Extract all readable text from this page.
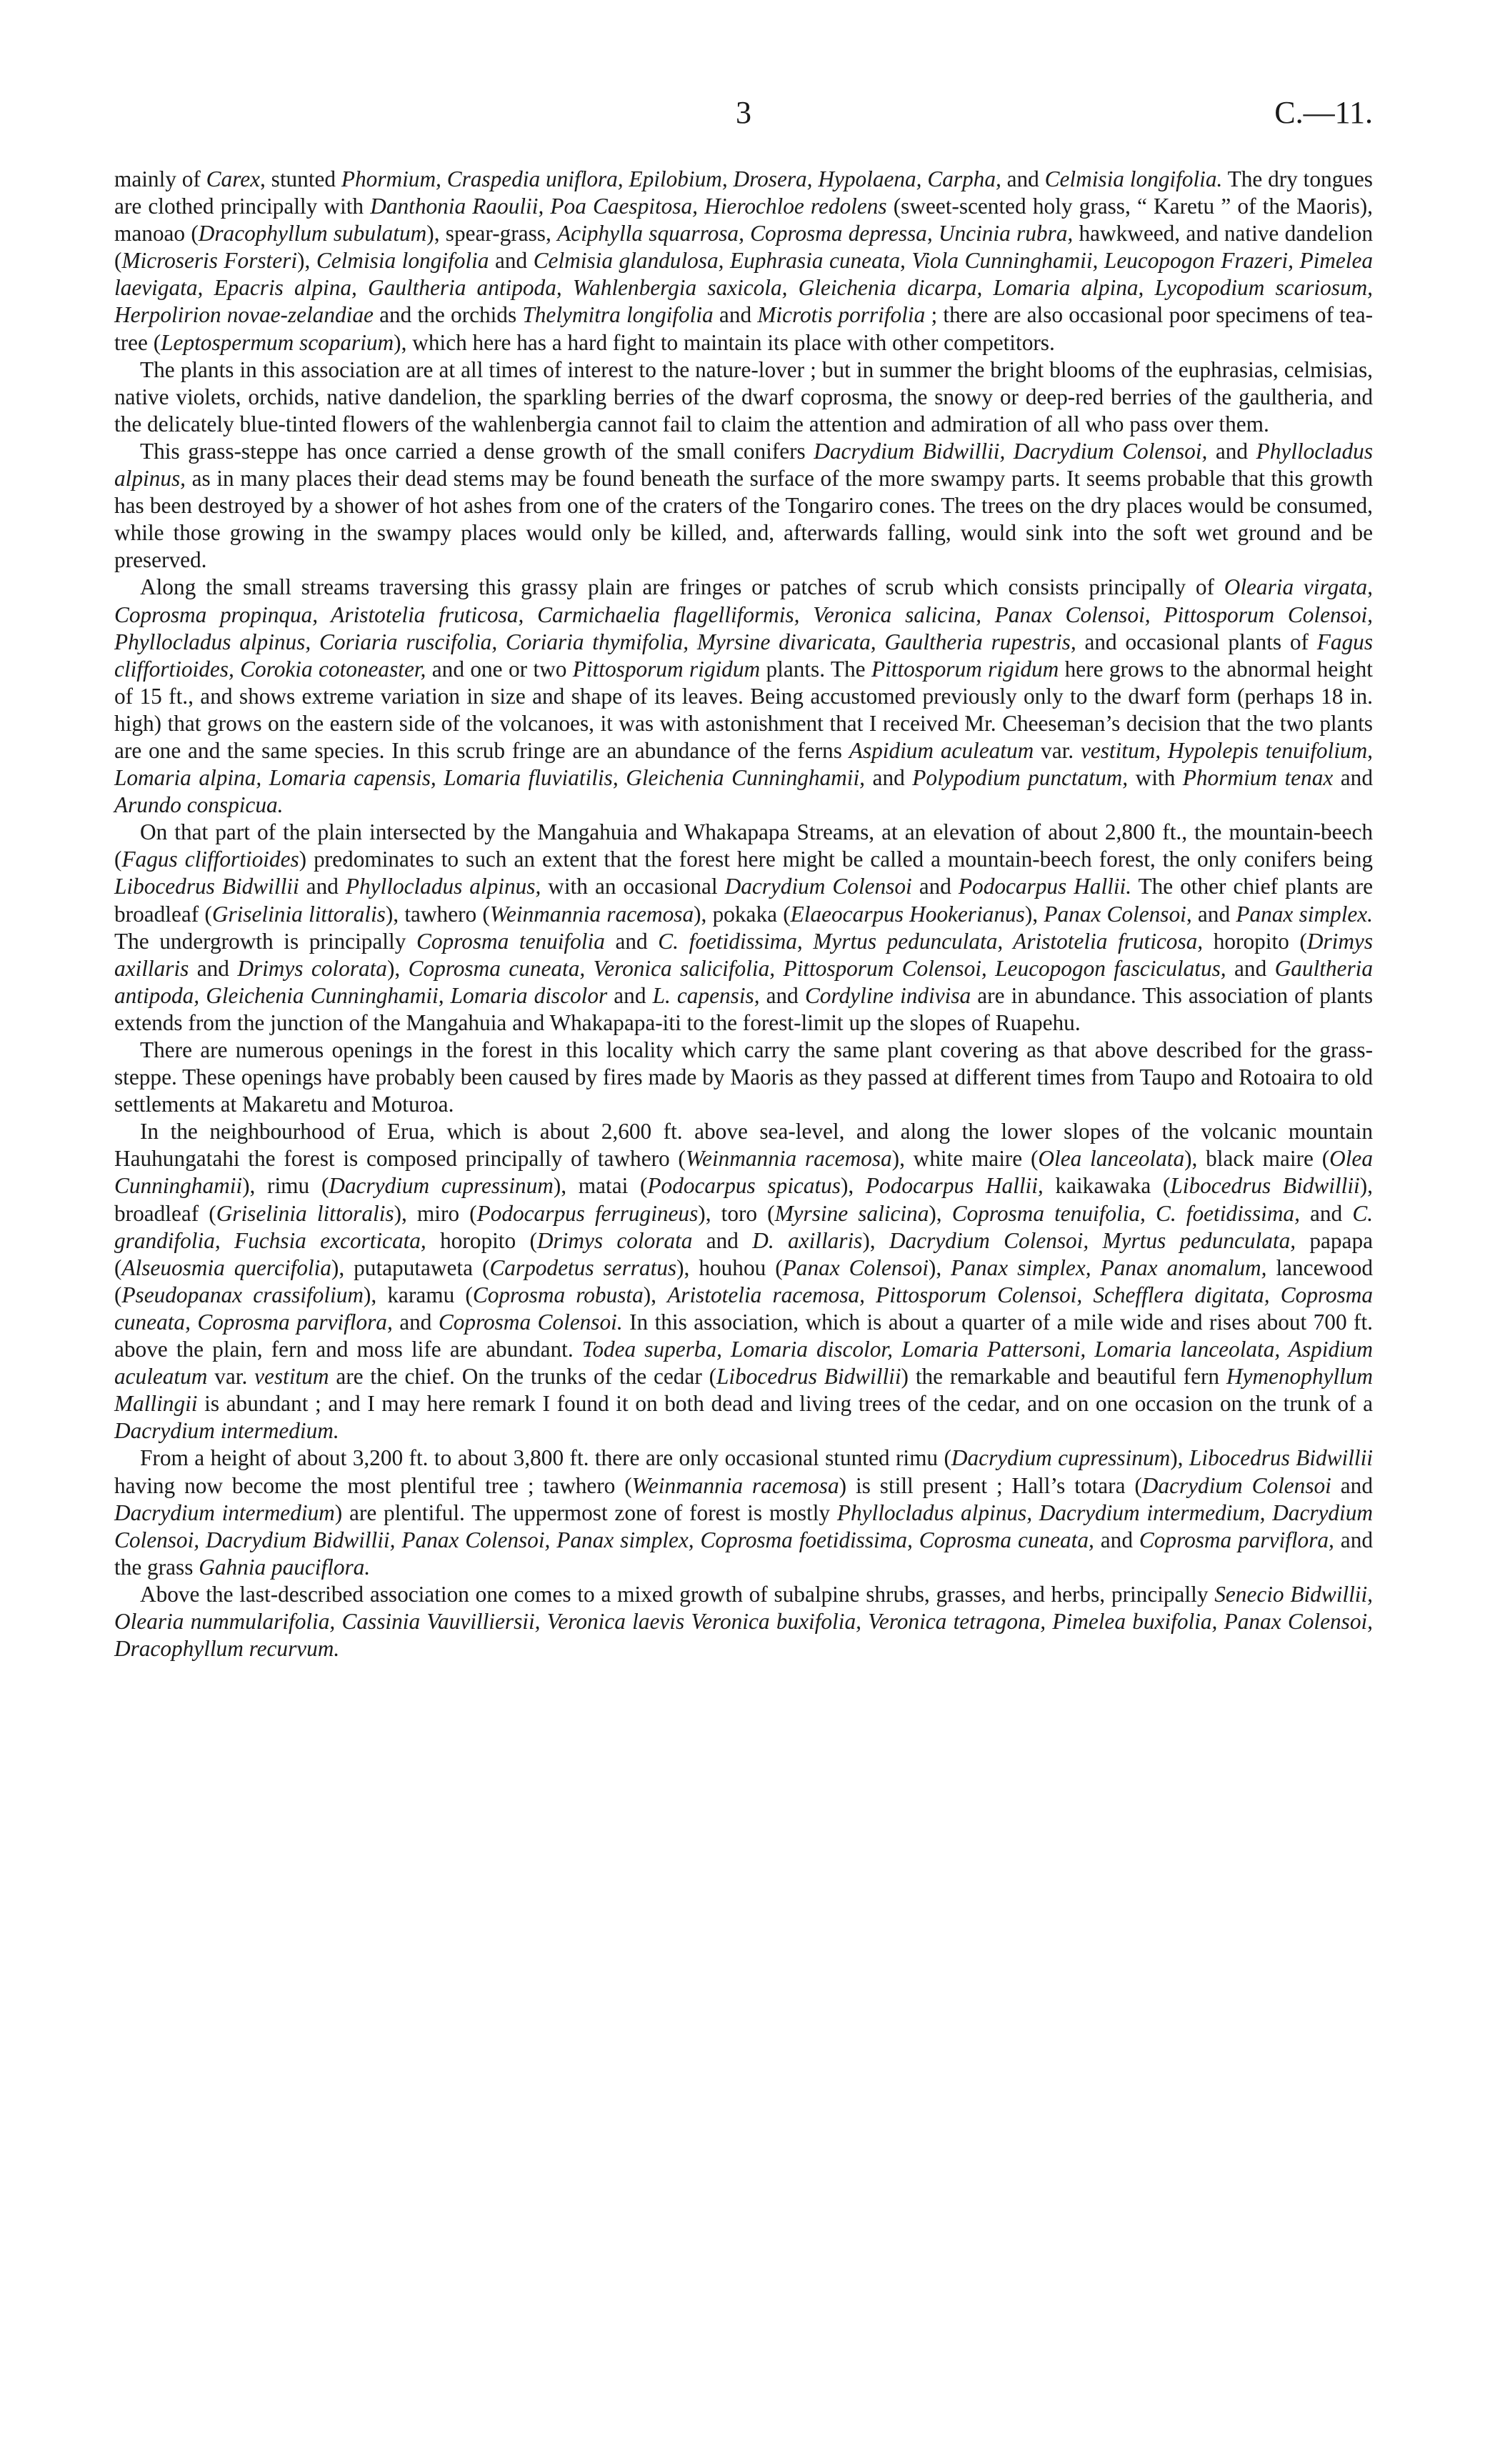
3	C.—11.

mainly of Carex, stunted Phormium, Craspedia uniflora, Epilobium, Drosera, Hypolaena, Carpha, and Celmisia longifolia. The dry tongues are clothed principally with Danthonia Raoulii, Poa Caespitosa, Hierochloe redolens (sweet-scented holy grass, “ Karetu ” of the Maoris), manoao (Dracophyllum subulatum), spear-grass, Aciphylla squarrosa, Coprosma depressa, Uncinia rubra, hawkweed, and native dandelion (Microseris Forsteri), Celmisia longifolia and Celmisia glandulosa, Euphrasia cuneata, Viola Cunninghamii, Leucopogon Frazeri, Pimelea laevigata, Epacris alpina, Gaultheria antipoda, Wahlenbergia saxicola, Gleichenia dicarpa, Lomaria alpina, Lycopodium scariosum, Herpolirion novae-zelandiae and the orchids Thelymitra longifolia and Microtis porrifolia ; there are also occasional poor specimens of tea-tree (Leptospermum scoparium), which here has a hard fight to maintain its place with other competitors.

The plants in this association are at all times of interest to the nature-lover ; but in summer the bright blooms of the euphrasias, celmisias, native violets, orchids, native dandelion, the sparkling berries of the dwarf coprosma, the snowy or deep-red berries of the gaultheria, and the delicately blue-tinted flowers of the wahlenbergia cannot fail to claim the attention and admiration of all who pass over them.

This grass-steppe has once carried a dense growth of the small conifers Dacrydium Bidwillii, Dacrydium Colensoi, and Phyllocladus alpinus, as in many places their dead stems may be found beneath the surface of the more swampy parts. It seems probable that this growth has been destroyed by a shower of hot ashes from one of the craters of the Tongariro cones. The trees on the dry places would be consumed, while those growing in the swampy places would only be killed, and, afterwards falling, would sink into the soft wet ground and be preserved.

Along the small streams traversing this grassy plain are fringes or patches of scrub which consists principally of Olearia virgata, Coprosma propinqua, Aristotelia fruticosa, Carmichaelia flagelliformis, Veronica salicina, Panax Colensoi, Pittosporum Colensoi, Phyllocladus alpinus, Coriaria ruscifolia, Coriaria thymifolia, Myrsine divaricata, Gaultheria rupestris, and occasional plants of Fagus cliffortioides, Corokia cotoneaster, and one or two Pittosporum rigidum plants. The Pittosporum rigidum here grows to the abnormal height of 15 ft., and shows extreme variation in size and shape of its leaves. Being accustomed previously only to the dwarf form (perhaps 18 in. high) that grows on the eastern side of the volcanoes, it was with astonishment that I received Mr. Cheeseman’s decision that the two plants are one and the same species. In this scrub fringe are an abundance of the ferns Aspidium aculeatum var. vestitum, Hypolepis tenuifolium, Lomaria alpina, Lomaria capensis, Lomaria fluviatilis, Gleichenia Cunninghamii, and Polypodium punctatum, with Phormium tenax and Arundo conspicua.

On that part of the plain intersected by the Mangahuia and Whakapapa Streams, at an elevation of about 2,800 ft., the mountain-beech (Fagus cliffortioides) predominates to such an extent that the forest here might be called a mountain-beech forest, the only conifers being Libocedrus Bidwillii and Phyllocladus alpinus, with an occasional Dacrydium Colensoi and Podocarpus Hallii. The other chief plants are broadleaf (Griselinia littoralis), tawhero (Weinmannia racemosa), pokaka (Elaeocarpus Hookerianus), Panax Colensoi, and Panax simplex. The undergrowth is principally Coprosma tenuifolia and C. foetidissima, Myrtus pedunculata, Aristotelia fruticosa, horopito (Drimys axillaris and Drimys colorata), Coprosma cuneata, Veronica salicifolia, Pittosporum Colensoi, Leucopogon fasciculatus, and Gaultheria antipoda, Gleichenia Cunninghamii, Lomaria discolor and L. capensis, and Cordyline indivisa are in abundance. This association of plants extends from the junction of the Mangahuia and Whakapapa-iti to the forest-limit up the slopes of Ruapehu.

There are numerous openings in the forest in this locality which carry the same plant covering as that above described for the grass-steppe. These openings have probably been caused by fires made by Maoris as they passed at different times from Taupo and Rotoaira to old settlements at Makaretu and Moturoa.

In the neighbourhood of Erua, which is about 2,600 ft. above sea-level, and along the lower slopes of the volcanic mountain Hauhungatahi the forest is composed principally of tawhero (Weinmannia racemosa), white maire (Olea lanceolata), black maire (Olea Cunninghamii), rimu (Dacrydium cupressinum), matai (Podocarpus spicatus), Podocarpus Hallii, kaikawaka (Libocedrus Bidwillii), broadleaf (Griselinia littoralis), miro (Podocarpus ferrugineus), toro (Myrsine salicina), Coprosma tenuifolia, C. foetidissima, and C. grandifolia, Fuchsia excorticata, horopito (Drimys colorata and D. axillaris), Dacrydium Colensoi, Myrtus pedunculata, papapa (Alseuosmia quercifolia), putaputaweta (Carpodetus serratus), houhou (Panax Colensoi), Panax simplex, Panax anomalum, lancewood (Pseudopanax crassifolium), karamu (Coprosma robusta), Aristotelia racemosa, Pittosporum Colensoi, Schefflera digitata, Coprosma cuneata, Coprosma parviflora, and Coprosma Colensoi. In this association, which is about a quarter of a mile wide and rises about 700 ft. above the plain, fern and moss life are abundant. Todea superba, Lomaria discolor, Lomaria Pattersoni, Lomaria lanceolata, Aspidium aculeatum var. vestitum are the chief. On the trunks of the cedar (Libocedrus Bidwillii) the remarkable and beautiful fern Hymenophyllum Mallingii is abundant ; and I may here remark I found it on both dead and living trees of the cedar, and on one occasion on the trunk of a Dacrydium intermedium.

From a height of about 3,200 ft. to about 3,800 ft. there are only occasional stunted rimu (Dacrydium cupressinum), Libocedrus Bidwillii having now become the most plentiful tree ; tawhero (Weinmannia racemosa) is still present ; Hall’s totara (Dacrydium Colensoi and Dacrydium intermedium) are plentiful. The uppermost zone of forest is mostly Phyllocladus alpinus, Dacrydium intermedium, Dacrydium Colensoi, Dacrydium Bidwillii, Panax Colensoi, Panax simplex, Coprosma foetidissima, Coprosma cuneata, and Coprosma parviflora, and the grass Gahnia pauciflora.

Above the last-described association one comes to a mixed growth of subalpine shrubs, grasses, and herbs, principally Senecio Bidwillii, Olearia nummularifolia, Cassinia Vauvilliersii, Veronica laevis Veronica buxifolia, Veronica tetragona, Pimelea buxifolia, Panax Colensoi, Dracophyllum recurvum.
